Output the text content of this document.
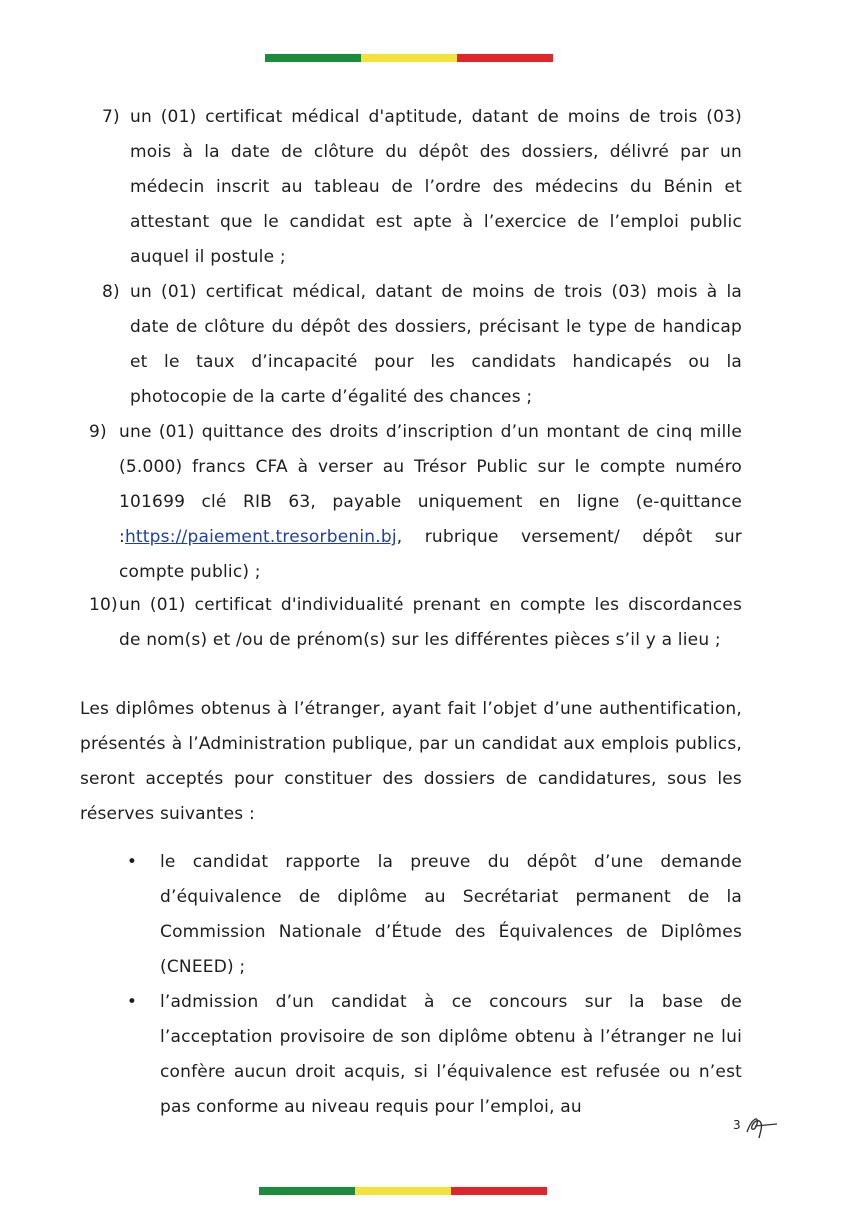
7) un (01) certificat médical d'aptitude, datant de moins de trois (03) mois à la date de clôture du dépôt des dossiers, délivré par un médecin inscrit au tableau de l’ordre des médecins du Bénin et attestant que le candidat est apte à l’exercice de l’emploi public auquel il postule ;
8) un (01) certificat médical, datant de moins de trois (03) mois à la date de clôture du dépôt des dossiers, précisant le type de handicap et le taux d’incapacité pour les candidats handicapés ou la photocopie de la carte d’égalité des chances ;
9) une (01) quittance des droits d’inscription d’un montant de cinq mille (5.000) francs CFA à verser au Trésor Public sur le compte numéro 101699 clé RIB 63, payable uniquement en ligne (e-quittance :https://paiement.tresorbenin.bj, rubrique versement/ dépôt sur compte public) ;
10) un (01) certificat d'individualité prenant en compte les discordances de nom(s) et /ou de prénom(s) sur les différentes pièces s’il y a lieu ;
Les diplômes obtenus à l’étranger, ayant fait l’objet d’une authentification, présentés à l’Administration publique, par un candidat aux emplois publics, seront acceptés pour constituer des dossiers de candidatures, sous les réserves suivantes :
• le candidat rapporte la preuve du dépôt d’une demande d’équivalence de diplôme au Secrétariat permanent de la Commission Nationale d’Étude des Équivalences de Diplômes (CNEED) ;
• l’admission d’un candidat à ce concours sur la base de l’acceptation provisoire de son diplôme obtenu à l’étranger ne lui confère aucun droit acquis, si l’équivalence est refusée ou n’est pas conforme au niveau requis pour l’emploi, au
3
